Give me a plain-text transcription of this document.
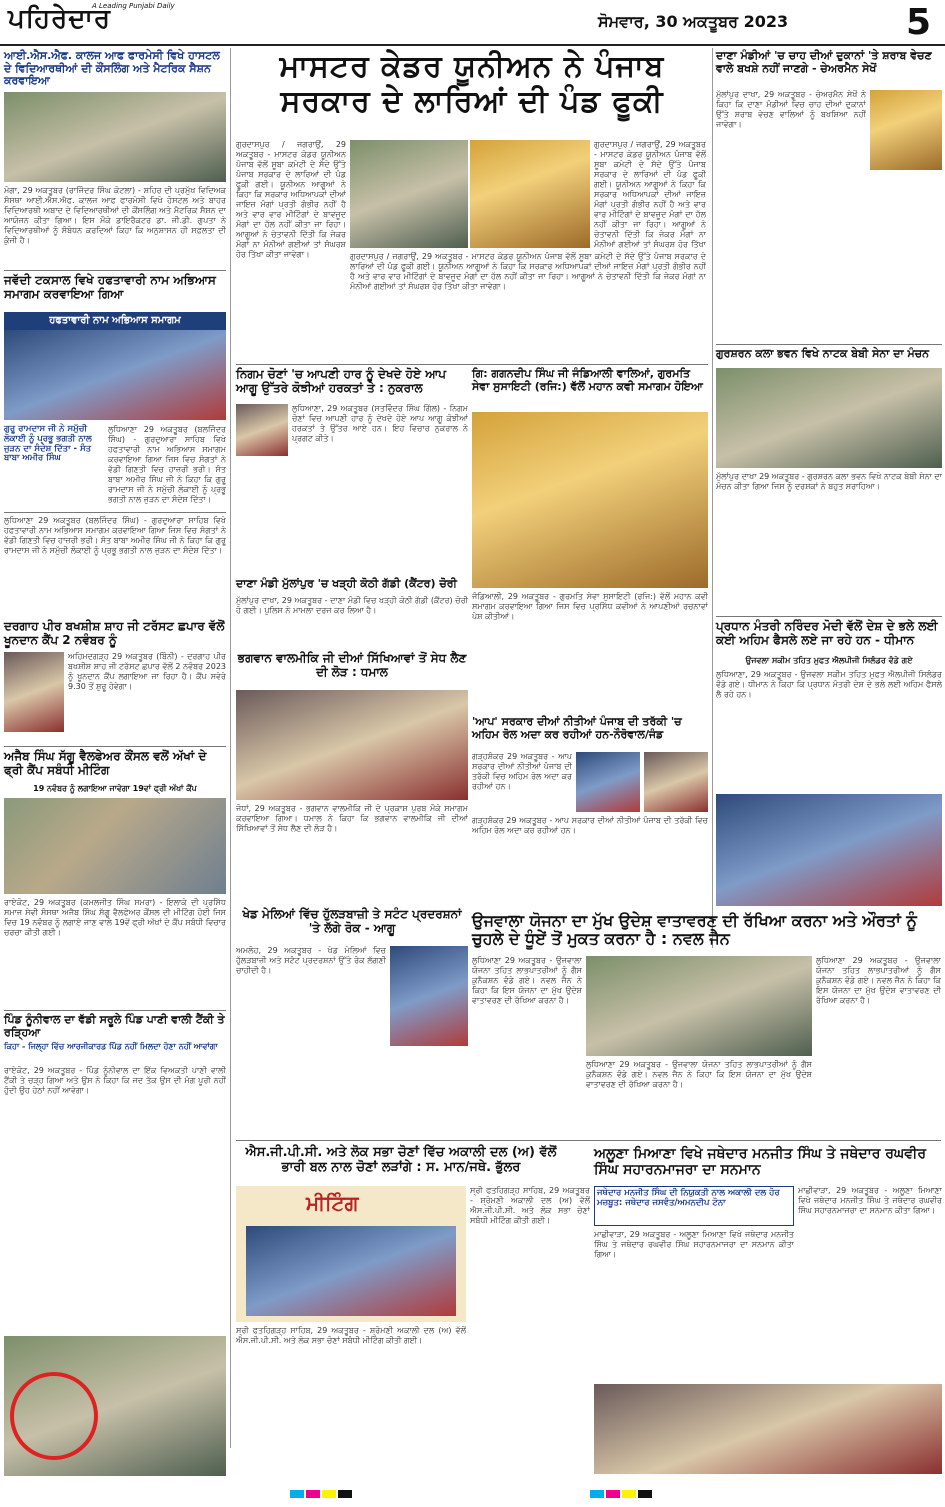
ਪਹਿਰੇਦਾਰ
A Leading Punjabi Daily
ਸੋਮਵਾਰ, 30 ਅਕਤੂਬਰ 2023	5
ਆਈ.ਐਸ.ਐਫ. ਕਾਲਜ ਆਫ ਫਾਰਮੇਸੀ ਵਿਖੇ ਹਾਸਟਲ ਦੇ ਵਿਦਿਆਰਥੀਆਂ ਦੀ ਕੌਂਸਲਿੰਗ ਅਤੇ ਮੈਟਰਿਕ ਸੈਸ਼ਨ ਕਰਵਾਇਆ
ਮੋਗਾ, 29 ਅਕਤੂਬਰ (ਰਾਜਿੰਦਰ ਸਿੰਘ ਕੋਟਲਾ) - ਸ਼ਹਿਰ ਦੀ ਪ੍ਰਮੁੱਖ ਵਿਦਿਅਕ ਸੰਸਥਾ ਆਈ.ਐਸ.ਐਫ. ਕਾਲਜ ਆਫ ਫਾਰਮੇਸੀ ਵਿਖੇ ਹੋਸਟਲ ਅਤੇ ਬਾਹਰ ਵਿਦਿਆਰਥੀ ਅਬਾਦ ਦੇ ਵਿਦਿਆਰਥੀਆਂ ਦੀ ਕੌਂਸਲਿੰਗ ਅਤੇ ਮੈਟਰਿਕ ਸੈਸ਼ਨ ਦਾ ਆਯੋਜਨ ਕੀਤਾ ਗਿਆ। ਇਸ ਮੌਕੇ ਡਾਇਰੈਕਟਰ ਡਾ. ਜੀ.ਡੀ. ਗੁਪਤਾ ਨੇ ਵਿਦਿਆਰਥੀਆਂ ਨੂੰ ਸੰਬੋਧਨ ਕਰਦਿਆਂ ਕਿਹਾ ਕਿ ਅਨੁਸ਼ਾਸਨ ਹੀ ਸਫ਼ਲਤਾ ਦੀ ਕੁੰਜੀ ਹੈ।
ਜਵੱਦੀ ਟਕਸਾਲ ਵਿਖੇ ਹਫਤਾਵਾਰੀ ਨਾਮ ਅਭਿਆਸ ਸਮਾਗਮ ਕਰਵਾਇਆ ਗਿਆ
ਹਫਤਾਵਾਰੀ ਨਾਮ ਅਭਿਆਸ ਸਮਾਗਮ
ਗੁਰੂ ਰਾਮਦਾਸ ਜੀ ਨੇ ਸਮੁੱਚੀ ਲੋਕਾਈ ਨੂੰ ਪ੍ਰਭੂ ਭਗਤੀ ਨਾਲ ਜੁੜਨ ਦਾ ਸੰਦੇਸ਼ ਦਿੱਤਾ - ਸੰਤ ਬਾਬਾ ਅਮੀਰ ਸਿੰਘ
ਲੁਧਿਆਣਾ 29 ਅਕਤੂਬਰ (ਬਲਜਿੰਦਰ ਸਿੰਘ) - ਗੁਰਦੁਆਰਾ ਸਾਹਿਬ ਵਿਖੇ ਹਫਤਾਵਾਰੀ ਨਾਮ ਅਭਿਆਸ ਸਮਾਗਮ ਕਰਵਾਇਆ ਗਿਆ ਜਿਸ ਵਿਚ ਸੰਗਤਾਂ ਨੇ ਵੱਡੀ ਗਿਣਤੀ ਵਿਚ ਹਾਜ਼ਰੀ ਭਰੀ। ਸੰਤ ਬਾਬਾ ਅਮੀਰ ਸਿੰਘ ਜੀ ਨੇ ਕਿਹਾ ਕਿ ਗੁਰੂ ਰਾਮਦਾਸ ਜੀ ਨੇ ਸਮੁੱਚੀ ਲੋਕਾਈ ਨੂੰ ਪ੍ਰਭੂ ਭਗਤੀ ਨਾਲ ਜੁੜਨ ਦਾ ਸੰਦੇਸ਼ ਦਿੱਤਾ।
ਲੁਧਿਆਣਾ 29 ਅਕਤੂਬਰ (ਬਲਜਿੰਦਰ ਸਿੰਘ) - ਗੁਰਦੁਆਰਾ ਸਾਹਿਬ ਵਿਖੇ ਹਫਤਾਵਾਰੀ ਨਾਮ ਅਭਿਆਸ ਸਮਾਗਮ ਕਰਵਾਇਆ ਗਿਆ ਜਿਸ ਵਿਚ ਸੰਗਤਾਂ ਨੇ ਵੱਡੀ ਗਿਣਤੀ ਵਿਚ ਹਾਜ਼ਰੀ ਭਰੀ। ਸੰਤ ਬਾਬਾ ਅਮੀਰ ਸਿੰਘ ਜੀ ਨੇ ਕਿਹਾ ਕਿ ਗੁਰੂ ਰਾਮਦਾਸ ਜੀ ਨੇ ਸਮੁੱਚੀ ਲੋਕਾਈ ਨੂੰ ਪ੍ਰਭੂ ਭਗਤੀ ਨਾਲ ਜੁੜਨ ਦਾ ਸੰਦੇਸ਼ ਦਿੱਤਾ।
ਦਰਗਾਹ ਪੀਰ ਬਖਸ਼ੀਸ਼ ਸ਼ਾਹ ਜੀ ਟਰੱਸਟ ਛਪਾਰ ਵੱਲੋਂ ਖੂਨਦਾਨ ਕੈਂਪ 2 ਨਵੰਬਰ ਨੂੰ
ਅਹਿਮਦਗੜ੍ਹ 29 ਅਕਤੂਬਰ (ਬਿੰਨੀ) - ਦਰਗਾਹ ਪੀਰ ਬਖਸ਼ੀਸ਼ ਸ਼ਾਹ ਜੀ ਟਰੱਸਟ ਛਪਾਰ ਵੱਲੋਂ 2 ਨਵੰਬਰ 2023 ਨੂੰ ਖੂਨਦਾਨ ਕੈਂਪ ਲਗਾਇਆ ਜਾ ਰਿਹਾ ਹੈ। ਕੈਂਪ ਸਵੇਰੇ 9.30 ਤੋਂ ਸ਼ੁਰੂ ਹੋਵੇਗਾ।
ਅਜੈਬ ਸਿੰਘ ਸੱਗੂ ਵੈਲਫੇਅਰ ਕੌਂਸਲ ਵਲੋਂ ਅੱਖਾਂ ਦੇ ਫ੍ਰੀ ਕੈਂਪ ਸਬੰਧੀ ਮੀਟਿੰਗ
19 ਨਵੰਬਰ ਨੂੰ ਲਗਾਇਆ ਜਾਵੇਗਾ 19ਵਾਂ ਫ੍ਰੀ ਅੱਖਾਂ ਕੈਂਪ
ਰਾਏਕੋਟ, 29 ਅਕਤੂਬਰ (ਕਮਲਜੀਤ ਸਿੰਘ ਸਮਰਾ) - ਇਲਾਕੇ ਦੀ ਪ੍ਰਸਿੱਧ ਸਮਾਜ ਸੇਵੀ ਸੰਸਥਾ ਅਜੈਬ ਸਿੰਘ ਸੱਗੂ ਵੈਲਫੇਅਰ ਕੌਂਸਲ ਦੀ ਮੀਟਿੰਗ ਹੋਈ ਜਿਸ ਵਿਚ 19 ਨਵੰਬਰ ਨੂੰ ਲਗਾਏ ਜਾਣ ਵਾਲੇ 19ਵੇਂ ਫ੍ਰੀ ਅੱਖਾਂ ਦੇ ਕੈਂਪ ਸਬੰਧੀ ਵਿਚਾਰ ਚਰਚਾ ਕੀਤੀ ਗਈ।
ਪਿੰਡ ਨੂੰਨੀਵਾਲ ਦਾ ਵੱਡੀ ਸਰੂਲੇ ਪਿੰਡ ਪਾਣੀ ਵਾਲੀ ਟੈਂਕੀ ਤੇ ਰੜ੍ਹਿਆ
ਕਿਹਾ - ਜਿਲ੍ਹਾ ਵਿੱਚ ਆਰਜੀਕਾਰਡ ਪਿੰਡ ਨਹੀਂ ਮਿਲਦਾ ਹੋਣਾ ਨਹੀਂ ਆਵਾਂਗਾ
ਰਾਏਕੋਟ, 29 ਅਕਤੂਬਰ - ਪਿੰਡ ਨੂੰਨੀਵਾਲ ਦਾ ਇੱਕ ਵਿਅਕਤੀ ਪਾਣੀ ਵਾਲੀ ਟੈਂਕੀ ਤੇ ਚੜ੍ਹ ਗਿਆ ਅਤੇ ਉਸ ਨੇ ਕਿਹਾ ਕਿ ਜਦ ਤੱਕ ਉਸ ਦੀ ਮੰਗ ਪੂਰੀ ਨਹੀਂ ਹੁੰਦੀ ਉਹ ਹੇਠਾਂ ਨਹੀਂ ਆਵੇਗਾ।
ਮਾਸਟਰ ਕੇਡਰ ਯੂਨੀਅਨ ਨੇ ਪੰਜਾਬ ਸਰਕਾਰ ਦੇ ਲਾਰਿਆਂ ਦੀ ਪੰਡ ਫੂਕੀ
ਗੁਰਦਾਸਪੁਰ / ਜਗਰਾਉਂ, 29 ਅਕਤੂਬਰ - ਮਾਸਟਰ ਕੇਡਰ ਯੂਨੀਅਨ ਪੰਜਾਬ ਵੱਲੋਂ ਸੂਬਾ ਕਮੇਟੀ ਦੇ ਸੱਦੇ ਉੱਤੇ ਪੰਜਾਬ ਸਰਕਾਰ ਦੇ ਲਾਰਿਆਂ ਦੀ ਪੰਡ ਫੂਕੀ ਗਈ। ਯੂਨੀਅਨ ਆਗੂਆਂ ਨੇ ਕਿਹਾ ਕਿ ਸਰਕਾਰ ਅਧਿਆਪਕਾਂ ਦੀਆਂ ਜਾਇਜ਼ ਮੰਗਾਂ ਪ੍ਰਤੀ ਗੰਭੀਰ ਨਹੀਂ ਹੈ ਅਤੇ ਵਾਰ ਵਾਰ ਮੀਟਿੰਗਾਂ ਦੇ ਬਾਵਜੂਦ ਮੰਗਾਂ ਦਾ ਹੱਲ ਨਹੀਂ ਕੀਤਾ ਜਾ ਰਿਹਾ। ਆਗੂਆਂ ਨੇ ਚੇਤਾਵਨੀ ਦਿੱਤੀ ਕਿ ਜੇਕਰ ਮੰਗਾਂ ਨਾ ਮੰਨੀਆਂ ਗਈਆਂ ਤਾਂ ਸੰਘਰਸ਼ ਹੋਰ ਤਿੱਖਾ ਕੀਤਾ ਜਾਵੇਗਾ।	ਗੁਰਦਾਸਪੁਰ / ਜਗਰਾਉਂ, 29 ਅਕਤੂਬਰ - ਮਾਸਟਰ ਕੇਡਰ ਯੂਨੀਅਨ ਪੰਜਾਬ ਵੱਲੋਂ ਸੂਬਾ ਕਮੇਟੀ ਦੇ ਸੱਦੇ ਉੱਤੇ ਪੰਜਾਬ ਸਰਕਾਰ ਦੇ ਲਾਰਿਆਂ ਦੀ ਪੰਡ ਫੂਕੀ ਗਈ। ਯੂਨੀਅਨ ਆਗੂਆਂ ਨੇ ਕਿਹਾ ਕਿ ਸਰਕਾਰ ਅਧਿਆਪਕਾਂ ਦੀਆਂ ਜਾਇਜ਼ ਮੰਗਾਂ ਪ੍ਰਤੀ ਗੰਭੀਰ ਨਹੀਂ ਹੈ ਅਤੇ ਵਾਰ ਵਾਰ ਮੀਟਿੰਗਾਂ ਦੇ ਬਾਵਜੂਦ ਮੰਗਾਂ ਦਾ ਹੱਲ ਨਹੀਂ ਕੀਤਾ ਜਾ ਰਿਹਾ। ਆਗੂਆਂ ਨੇ ਚੇਤਾਵਨੀ ਦਿੱਤੀ ਕਿ ਜੇਕਰ ਮੰਗਾਂ ਨਾ ਮੰਨੀਆਂ ਗਈਆਂ ਤਾਂ ਸੰਘਰਸ਼ ਹੋਰ ਤਿੱਖਾ ਕੀਤਾ ਜਾਵੇਗਾ।
ਗੁਰਦਾਸਪੁਰ / ਜਗਰਾਉਂ, 29 ਅਕਤੂਬਰ - ਮਾਸਟਰ ਕੇਡਰ ਯੂਨੀਅਨ ਪੰਜਾਬ ਵੱਲੋਂ ਸੂਬਾ ਕਮੇਟੀ ਦੇ ਸੱਦੇ ਉੱਤੇ ਪੰਜਾਬ ਸਰਕਾਰ ਦੇ ਲਾਰਿਆਂ ਦੀ ਪੰਡ ਫੂਕੀ ਗਈ। ਯੂਨੀਅਨ ਆਗੂਆਂ ਨੇ ਕਿਹਾ ਕਿ ਸਰਕਾਰ ਅਧਿਆਪਕਾਂ ਦੀਆਂ ਜਾਇਜ਼ ਮੰਗਾਂ ਪ੍ਰਤੀ ਗੰਭੀਰ ਨਹੀਂ ਹੈ ਅਤੇ ਵਾਰ ਵਾਰ ਮੀਟਿੰਗਾਂ ਦੇ ਬਾਵਜੂਦ ਮੰਗਾਂ ਦਾ ਹੱਲ ਨਹੀਂ ਕੀਤਾ ਜਾ ਰਿਹਾ। ਆਗੂਆਂ ਨੇ ਚੇਤਾਵਨੀ ਦਿੱਤੀ ਕਿ ਜੇਕਰ ਮੰਗਾਂ ਨਾ ਮੰਨੀਆਂ ਗਈਆਂ ਤਾਂ ਸੰਘਰਸ਼ ਹੋਰ ਤਿੱਖਾ
ਨਿਗਮ ਚੋਣਾਂ 'ਚ ਆਪਣੀ ਹਾਰ ਨੂੰ ਦੇਖਦੇ ਹੋਏ ਆਪ ਆਗੂ ਉੱਤਰੇ ਕੋਝੀਆਂ ਹਰਕਤਾਂ ਤੇ : ਨੁਕਰਾਲ
ਲੁਧਿਆਣਾ, 29 ਅਕਤੂਬਰ (ਸਤਵਿੰਦਰ ਸਿੰਘ ਗਿੱਲ) - ਨਿਗਮ ਚੋਣਾਂ ਵਿਚ ਆਪਣੀ ਹਾਰ ਨੂੰ ਦੇਖਦੇ ਹੋਏ ਆਪ ਆਗੂ ਕੋਝੀਆਂ ਹਰਕਤਾਂ ਤੇ ਉੱਤਰ ਆਏ ਹਨ। ਇਹ ਵਿਚਾਰ ਨੁਕਰਾਲ ਨੇ ਪ੍ਰਗਟ ਕੀਤੇ।
ਗਿ: ਗਗਨਦੀਪ ਸਿੰਘ ਜੀ ਜੰਡਿਆਲੀ ਵਾਲਿਆਂ, ਗੁਰਮਤਿ ਸੇਵਾ ਸੁਸਾਇਟੀ (ਰਜਿ:) ਵੱਲੋਂ ਮਹਾਨ ਕਵੀ ਸਮਾਗਮ ਹੋਇਆ
ਜੰਡਿਆਲੀ, 29 ਅਕਤੂਬਰ - ਗੁਰਮਤਿ ਸੇਵਾ ਸੁਸਾਇਟੀ (ਰਜਿ:) ਵੱਲੋਂ ਮਹਾਨ ਕਵੀ ਸਮਾਗਮ ਕਰਵਾਇਆ ਗਿਆ ਜਿਸ ਵਿਚ ਪ੍ਰਸਿੱਧ ਕਵੀਆਂ ਨੇ ਆਪਣੀਆਂ ਰਚਨਾਵਾਂ ਪੇਸ਼ ਕੀਤੀਆਂ।
ਦਾਣਾ ਮੰਡੀ ਮੁੱਲਾਂਪੁਰ 'ਚ ਖੜ੍ਹੀ ਕੋਠੀ ਗੱਡੀ (ਕੈਂਟਰ) ਚੋਰੀ
ਮੁੱਲਾਂਪੁਰ ਦਾਖਾ, 29 ਅਕਤੂਬਰ - ਦਾਣਾ ਮੰਡੀ ਵਿਚ ਖੜ੍ਹੀ ਕੋਠੀ ਗੱਡੀ (ਕੈਂਟਰ) ਚੋਰੀ ਹੋ ਗਈ। ਪੁਲਿਸ ਨੇ ਮਾਮਲਾ ਦਰਜ ਕਰ ਲਿਆ ਹੈ।
ਭਗਵਾਨ ਵਾਲਮੀਕਿ ਜੀ ਦੀਆਂ ਸਿੱਖਿਆਵਾਂ ਤੋਂ ਸੇਧ ਲੈਣ ਦੀ ਲੋੜ : ਧਮਾਲ
ਜੋਧਾਂ, 29 ਅਕਤੂਬਰ - ਭਗਵਾਨ ਵਾਲਮੀਕਿ ਜੀ ਦੇ ਪ੍ਰਕਾਸ਼ ਪੁਰਬ ਮੌਕੇ ਸਮਾਗਮ ਕਰਵਾਇਆ ਗਿਆ। ਧਮਾਲ ਨੇ ਕਿਹਾ ਕਿ ਭਗਵਾਨ ਵਾਲਮੀਕਿ ਜੀ ਦੀਆਂ ਸਿੱਖਿਆਵਾਂ ਤੋਂ ਸੇਧ ਲੈਣ ਦੀ ਲੋੜ ਹੈ।
'ਆਪ' ਸਰਕਾਰ ਦੀਆਂ ਨੀਤੀਆਂ ਪੰਜਾਬ ਦੀ ਤਰੱਕੀ 'ਚ ਅਹਿਮ ਰੋਲ ਅਦਾ ਕਰ ਰਹੀਆਂ ਹਨ-ਨੌਰੋਵਾਲ/ਜੰਡ
ਗੜ੍ਹਸ਼ੰਕਰ 29 ਅਕਤੂਬਰ - ਆਪ ਸਰਕਾਰ ਦੀਆਂ ਨੀਤੀਆਂ ਪੰਜਾਬ ਦੀ ਤਰੱਕੀ ਵਿਚ ਅਹਿਮ ਰੋਲ ਅਦਾ ਕਰ ਰਹੀਆਂ ਹਨ।
ਗੜ੍ਹਸ਼ੰਕਰ 29 ਅਕਤੂਬਰ - ਆਪ ਸਰਕਾਰ ਦੀਆਂ ਨੀਤੀਆਂ ਪੰਜਾਬ ਦੀ ਤਰੱਕੀ ਵਿਚ ਅਹਿਮ ਰੋਲ ਅਦਾ ਕਰ ਰਹੀਆਂ ਹਨ।
ਖੇਡ ਮੇਲਿਆਂ ਵਿੱਚ ਹੁੱਲੜਬਾਜ਼ੀ ਤੇ ਸਟੰਟ ਪ੍ਰਦਰਸ਼ਨਾਂ 'ਤੇ ਲੱਗੇ ਰੋਕ - ਆਗੂ
ਅਮਲੋਹ, 29 ਅਕਤੂਬਰ - ਖੇਡ ਮੇਲਿਆਂ ਵਿਚ ਹੁੱਲੜਬਾਜ਼ੀ ਅਤੇ ਸਟੰਟ ਪ੍ਰਦਰਸ਼ਨਾਂ ਉੱਤੇ ਰੋਕ ਲੱਗਣੀ ਚਾਹੀਦੀ ਹੈ।
ਉਜਵਾਲਾ ਯੋਜਨਾ ਦਾ ਮੁੱਖ ਉਦੇਸ਼ ਵਾਤਾਵਰਣ ਦੀ ਰੱਖਿਆ ਕਰਨਾ ਅਤੇ ਔਰਤਾਂ ਨੂੰ ਚੁਹਲੇ ਦੇ ਧੂੰਏਂ ਤੋਂ ਮੁਕਤ ਕਰਨਾ ਹੈ : ਨਵਲ ਜੈਨ
ਲੁਧਿਆਣਾ 29 ਅਕਤੂਬਰ - ਉਜਵਾਲਾ ਯੋਜਨਾ ਤਹਿਤ ਲਾਭਪਾਤਰੀਆਂ ਨੂੰ ਗੈਸ ਕੁਨੈਕਸ਼ਨ ਵੰਡੇ ਗਏ। ਨਵਲ ਜੈਨ ਨੇ ਕਿਹਾ ਕਿ ਇਸ ਯੋਜਨਾ ਦਾ ਮੁੱਖ ਉਦੇਸ਼ ਵਾਤਾਵਰਣ ਦੀ ਰੱਖਿਆ ਕਰਨਾ ਹੈ।
ਲੁਧਿਆਣਾ 29 ਅਕਤੂਬਰ - ਉਜਵਾਲਾ ਯੋਜਨਾ ਤਹਿਤ ਲਾਭਪਾਤਰੀਆਂ ਨੂੰ ਗੈਸ ਕੁਨੈਕਸ਼ਨ ਵੰਡੇ ਗਏ। ਨਵਲ ਜੈਨ ਨੇ ਕਿਹਾ ਕਿ ਇਸ ਯੋਜਨਾ ਦਾ ਮੁੱਖ ਉਦੇਸ਼ ਵਾਤਾਵਰਣ ਦੀ ਰੱਖਿਆ ਕਰਨਾ ਹੈ।
ਲੁਧਿਆਣਾ 29 ਅਕਤੂਬਰ - ਉਜਵਾਲਾ ਯੋਜਨਾ ਤਹਿਤ ਲਾਭਪਾਤਰੀਆਂ ਨੂੰ ਗੈਸ ਕੁਨੈਕਸ਼ਨ ਵੰਡੇ ਗਏ। ਨਵਲ ਜੈਨ ਨੇ ਕਿਹਾ ਕਿ ਇਸ ਯੋਜਨਾ ਦਾ ਮੁੱਖ ਉਦੇਸ਼ ਵਾਤਾਵਰਣ ਦੀ ਰੱਖਿਆ ਕਰਨਾ ਹੈ।
ਐਸ.ਜੀ.ਪੀ.ਸੀ. ਅਤੇ ਲੋਕ ਸਭਾ ਚੋਣਾਂ ਵਿੱਚ ਅਕਾਲੀ ਦਲ (ਅ) ਵੱਲੋਂ ਭਾਰੀ ਬਲ ਨਾਲ ਚੋਣਾਂ ਲੜਾਂਗੇ : ਸ. ਮਾਨ/ਜਥੇ. ਭੁੱਲਰ
ਮੀਟਿੰਗ
ਸ੍ਰੀ ਫਤਹਿਗੜ੍ਹ ਸਾਹਿਬ, 29 ਅਕਤੂਬਰ - ਸ਼੍ਰੋਮਣੀ ਅਕਾਲੀ ਦਲ (ਅ) ਵੱਲੋਂ ਐਸ.ਜੀ.ਪੀ.ਸੀ. ਅਤੇ ਲੋਕ ਸਭਾ ਚੋਣਾਂ ਸਬੰਧੀ ਮੀਟਿੰਗ ਕੀਤੀ ਗਈ।
ਸ੍ਰੀ ਫਤਹਿਗੜ੍ਹ ਸਾਹਿਬ, 29 ਅਕਤੂਬਰ - ਸ਼੍ਰੋਮਣੀ ਅਕਾਲੀ ਦਲ (ਅ) ਵੱਲੋਂ ਐਸ.ਜੀ.ਪੀ.ਸੀ. ਅਤੇ ਲੋਕ ਸਭਾ ਚੋਣਾਂ ਸਬੰਧੀ ਮੀਟਿੰਗ ਕੀਤੀ ਗਈ।
ਦਾਣਾ ਮੰਡੀਆਂ 'ਚ ਚਾਹ ਦੀਆਂ ਦੁਕਾਨਾਂ 'ਤੇ ਸ਼ਰਾਬ ਵੇਚਣ ਵਾਲੇ ਬਖਸ਼ੇ ਨਹੀਂ ਜਾਣਗੇ - ਚੇਅਰਮੈਨ ਸੇਖੋਂ
ਮੁੱਲਾਂਪੁਰ ਦਾਖਾ, 29 ਅਕਤੂਬਰ - ਚੇਅਰਮੈਨ ਸੇਖੋਂ ਨੇ ਕਿਹਾ ਕਿ ਦਾਣਾ ਮੰਡੀਆਂ ਵਿਚ ਚਾਹ ਦੀਆਂ ਦੁਕਾਨਾਂ ਉੱਤੇ ਸ਼ਰਾਬ ਵੇਚਣ ਵਾਲਿਆਂ ਨੂੰ ਬਖਸ਼ਿਆ ਨਹੀਂ ਜਾਵੇਗਾ।
ਗੁਰਸ਼ਰਨ ਕਲਾ ਭਵਨ ਵਿਖੇ ਨਾਟਕ ਬੇਬੀ ਸੇਨਾ ਦਾ ਮੰਚਨ
ਮੁੱਲਾਂਪੁਰ ਦਾਖਾ 29 ਅਕਤੂਬਰ - ਗੁਰਸ਼ਰਨ ਕਲਾ ਭਵਨ ਵਿਖੇ ਨਾਟਕ ਬੇਬੀ ਸੇਨਾ ਦਾ ਮੰਚਨ ਕੀਤਾ ਗਿਆ ਜਿਸ ਨੂੰ ਦਰਸ਼ਕਾਂ ਨੇ ਬਹੁਤ ਸਰਾਹਿਆ।
ਪ੍ਰਧਾਨ ਮੰਤਰੀ ਨਰਿੰਦਰ ਮੋਦੀ ਵੱਲੋਂ ਦੇਸ਼ ਦੇ ਭਲੇ ਲਈ ਕਈ ਅਹਿਮ ਫੈਸਲੇ ਲਏ ਜਾ ਰਹੇ ਹਨ - ਧੀਮਾਨ
ਉਜਵਲਾ ਸਕੀਮ ਤਹਿਤ ਮੁਫਤ ਐਲਪੀਜੀ ਸਿਲੰਡਰ ਵੰਡੇ ਗਏ
ਲੁਧਿਆਣਾ, 29 ਅਕਤੂਬਰ - ਉਜਵਲਾ ਸਕੀਮ ਤਹਿਤ ਮੁਫਤ ਐਲਪੀਜੀ ਸਿਲੰਡਰ ਵੰਡੇ ਗਏ। ਧੀਮਾਨ ਨੇ ਕਿਹਾ ਕਿ ਪ੍ਰਧਾਨ ਮੰਤਰੀ ਦੇਸ਼ ਦੇ ਭਲੇ ਲਈ ਅਹਿਮ ਫੈਸਲੇ ਲੈ ਰਹੇ ਹਨ।
ਅਲੂਣਾ ਮਿਆਣਾ ਵਿਖੇ ਜਥੇਦਾਰ ਮਨਜੀਤ ਸਿੰਘ ਤੇ ਜਥੇਦਾਰ ਰਘਵੀਰ ਸਿੰਘ ਸਹਾਰਨਮਾਜਰਾ ਦਾ ਸਨਮਾਨ
ਜਥੇਦਾਰ ਮਨਜੀਤ ਸਿੰਘ ਦੀ ਨਿਯੁਕਤੀ ਨਾਲ ਅਕਾਲੀ ਦਲ ਹੋਰ ਮਜ਼ਬੂਤ: ਜਥੇਦਾਰ ਜਸਵੰਤ/ਅਮਨਦੀਪ ਟੋਨਾ
ਮਾਛੀਵਾੜਾ, 29 ਅਕਤੂਬਰ - ਅਲੂਣਾ ਮਿਆਣਾ ਵਿਖੇ ਜਥੇਦਾਰ ਮਨਜੀਤ ਸਿੰਘ ਤੇ ਜਥੇਦਾਰ ਰਘਵੀਰ ਸਿੰਘ ਸਹਾਰਨਮਾਜਰਾ ਦਾ ਸਨਮਾਨ ਕੀਤਾ ਗਿਆ।
ਮਾਛੀਵਾੜਾ, 29 ਅਕਤੂਬਰ - ਅਲੂਣਾ ਮਿਆਣਾ ਵਿਖੇ ਜਥੇਦਾਰ ਮਨਜੀਤ ਸਿੰਘ ਤੇ ਜਥੇਦਾਰ ਰਘਵੀਰ ਸਿੰਘ ਸਹਾਰਨਮਾਜਰਾ ਦਾ ਸਨਮਾਨ ਕੀਤਾ ਗਿਆ।
